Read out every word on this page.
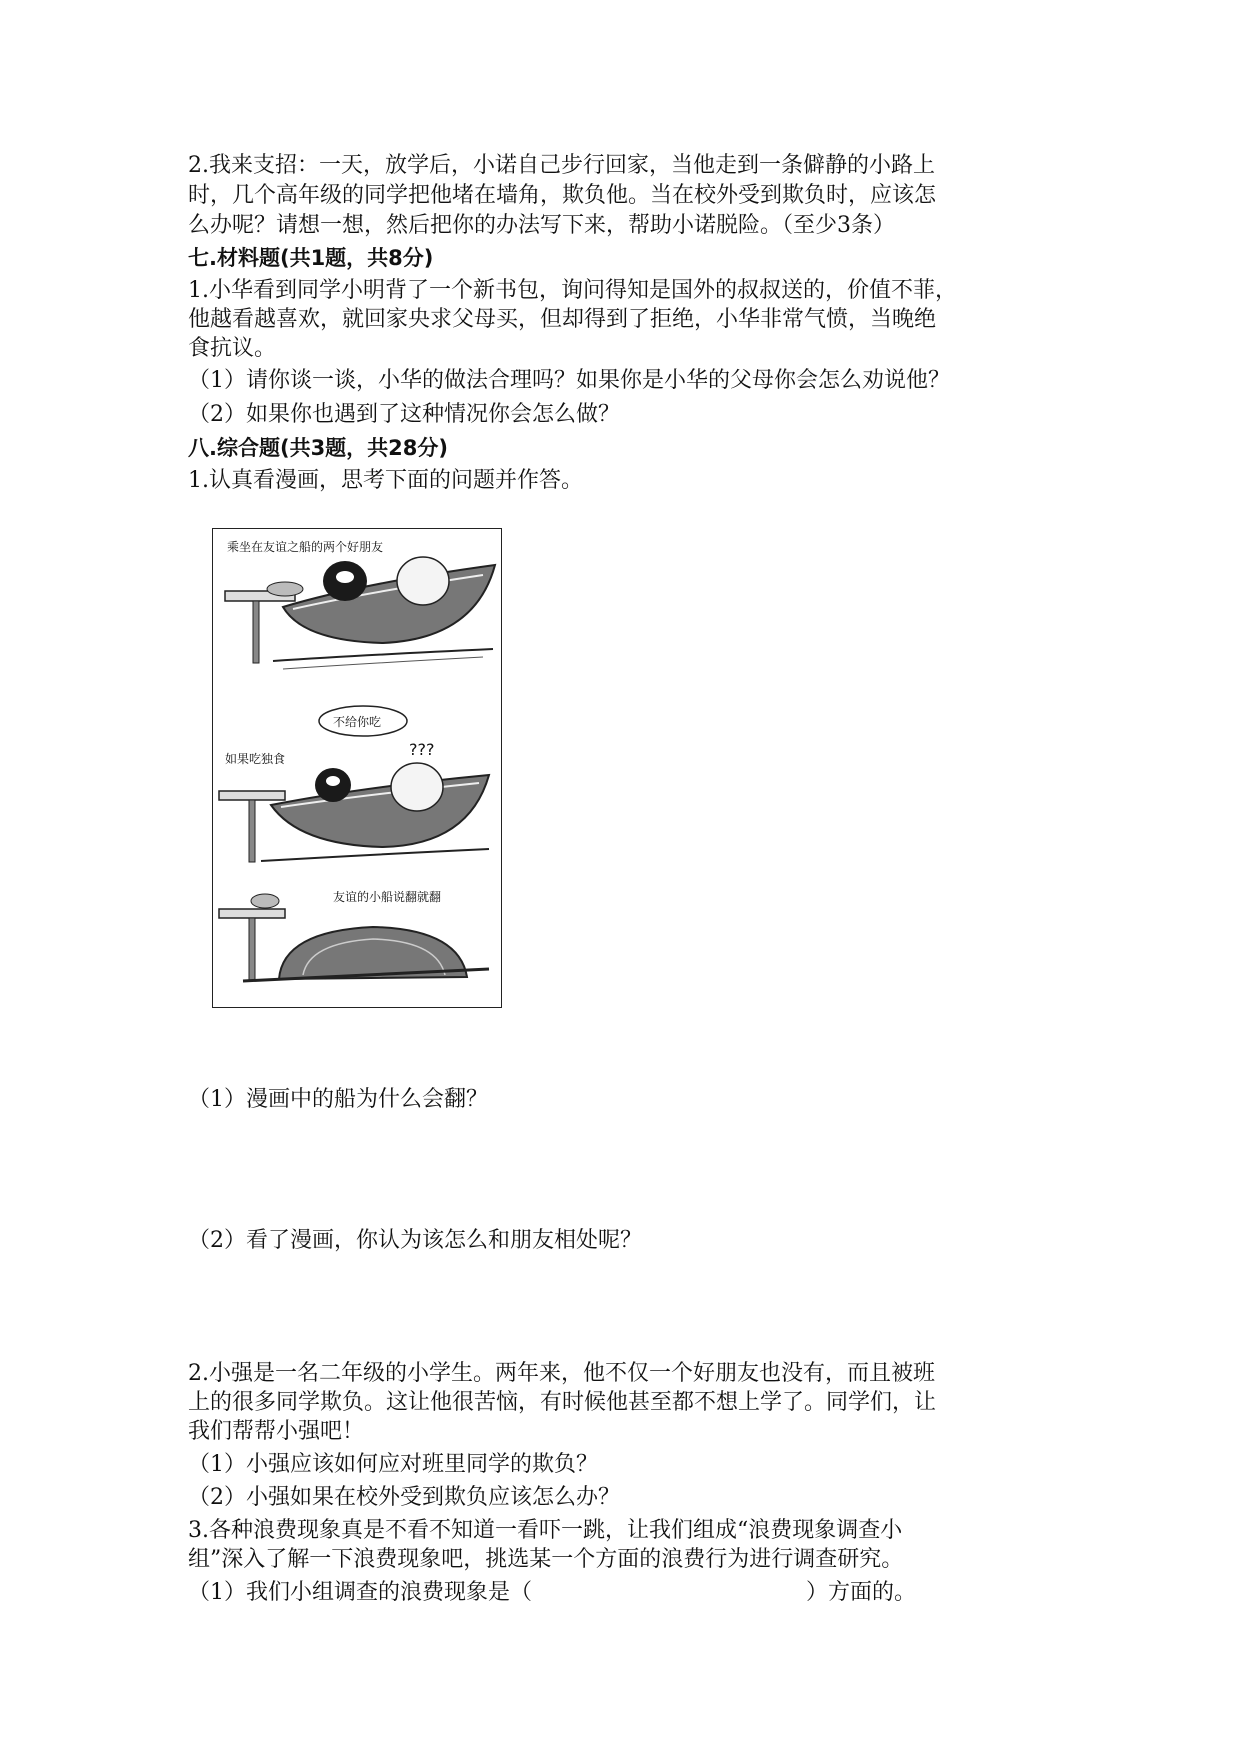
2.我来支招：一天，放学后，小诺自己步行回家，当他走到一条僻静的小路上
时，几个高年级的同学把他堵在墙角，欺负他。当在校外受到欺负时，应该怎
么办呢？请想一想，然后把你的办法写下来，帮助小诺脱险。（至少3条）
七.材料题(共1题，共8分)
1.小华看到同学小明背了一个新书包，询问得知是国外的叔叔送的，价值不菲，
他越看越喜欢，就回家央求父母买，但却得到了拒绝，小华非常气愤，当晚绝
食抗议。
（1）请你谈一谈，小华的做法合理吗？如果你是小华的父母你会怎么劝说他？
（2）如果你也遇到了这种情况你会怎么做？
八.综合题(共3题，共28分)
1.认真看漫画，思考下面的问题并作答。
乘坐在友谊之船的两个好朋友
不给你吃
???
如果吃独食
友谊的小船说翻就翻
（1）漫画中的船为什么会翻？
（2）看了漫画，你认为该怎么和朋友相处呢？
2.小强是一名二年级的小学生。两年来，他不仅一个好朋友也没有，而且被班
上的很多同学欺负。这让他很苦恼，有时候他甚至都不想上学了。同学们，让
我们帮帮小强吧！
（1）小强应该如何应对班里同学的欺负？
（2）小强如果在校外受到欺负应该怎么办？
3.各种浪费现象真是不看不知道一看吓一跳，让我们组成“浪费现象调查小
组”深入了解一下浪费现象吧，挑选某一个方面的浪费行为进行调查研究。
（1）我们小组调查的浪费现象是（	）方面的。
